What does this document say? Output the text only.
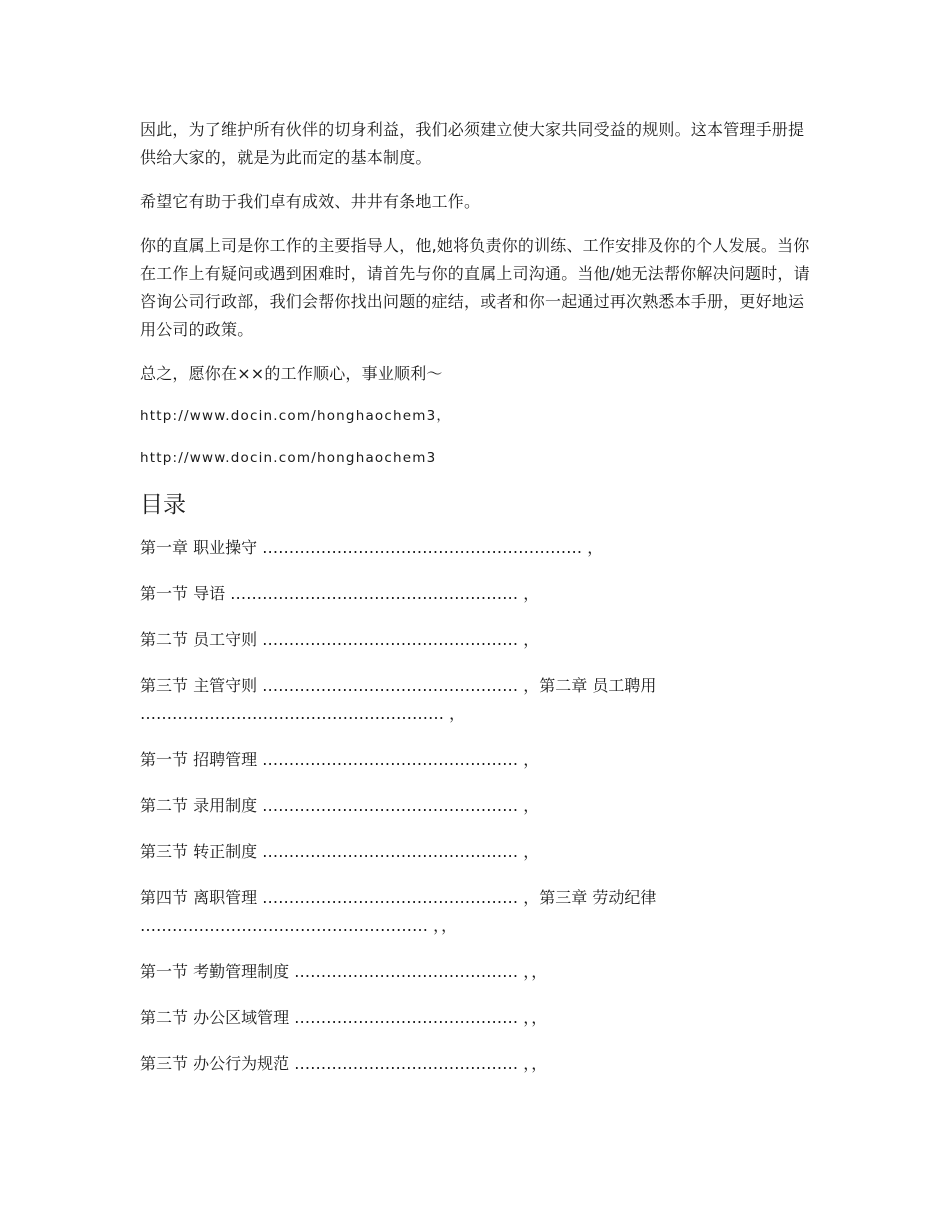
因此，为了维护所有伙伴的切身利益，我们必须建立使大家共同受益的规则。这本管理手册提供给大家的，就是为此而定的基本制度。

希望它有助于我们卓有成效、井井有条地工作。

你的直属上司是你工作的主要指导人，他,她将负责你的训练、工作安排及你的个人发展。当你在工作上有疑问或遇到困难时，请首先与你的直属上司沟通。当他/她无法帮你解决问题时，请咨询公司行政部，我们会帮你找出问题的症结，或者和你一起通过再次熟悉本手册，更好地运用公司的政策。

总之，愿你在××的工作顺心，事业顺利～

http://www.docin.com/honghaochem3，
http://www.docin.com/honghaochem3
目录
第一章 职业操守 …………………………………………………… ，
第一节 导语 ……………………………………………… ，
第二节 员工守则 ………………………………………… ，
第三节 主管守则 ………………………………………… ，第二章 员工聘用 ………………………………………………… ，
第一节 招聘管理 ………………………………………… ，
第二节 录用制度 ………………………………………… ，
第三节 转正制度 ………………………………………… ，
第四节 离职管理 ………………………………………… ，第三章 劳动纪律 ……………………………………………… ，，
第一节 考勤管理制度 …………………………………… ，，
第二节 办公区域管理 …………………………………… ，，
第三节 办公行为规范 …………………………………… ，，
